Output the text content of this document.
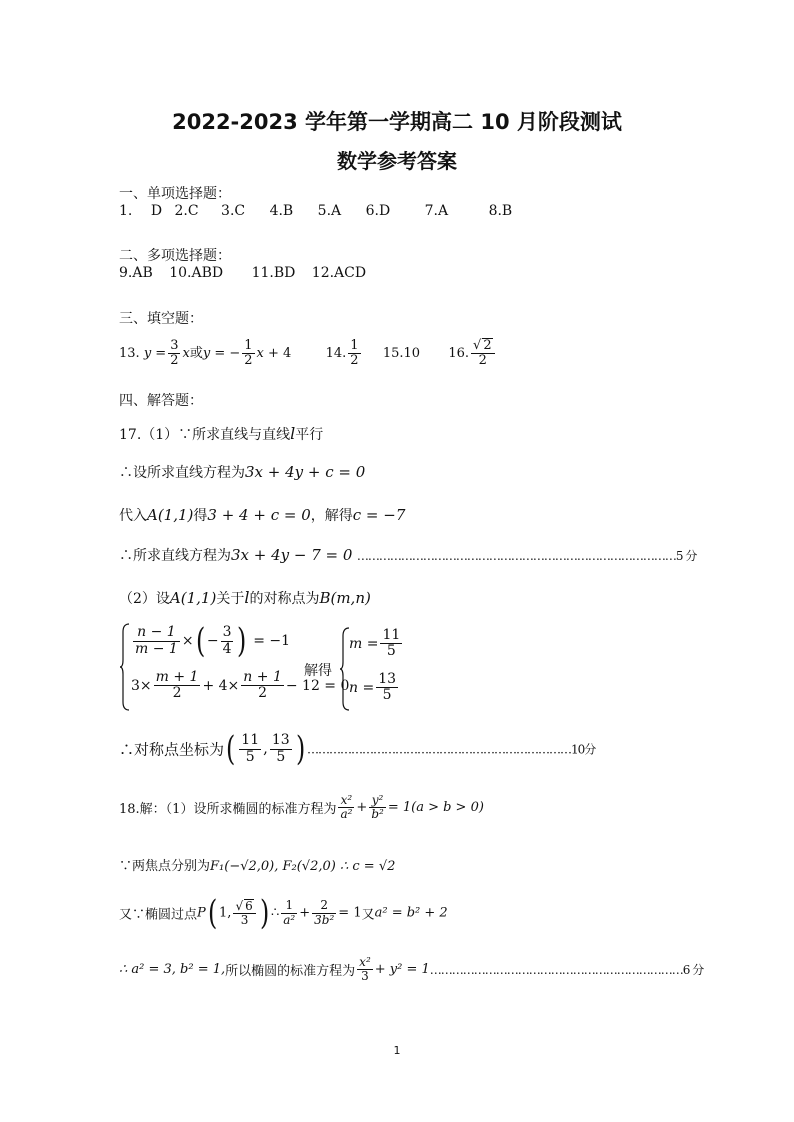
2022-2023 学年第一学期高二 10 月阶段测试
数学参考答案
一、单项选择题：
1. D 2.C 3.C 4.B 5.A 6.D 7.A	8.B
二、多项选择题：
9.AB 10.ABD 11.BD 12.ACD
三、填空题：
13. $y = \frac{3}{2}$ x或y = − $\frac{1}{2}$ x + 4	14. $\frac{1}{2} 15.10$ 16. $\frac{√ 2}{2}$
四、解答题：
17.（1）∵所求直线与直线l平行
∴设所求直线方程为3x + 4y + c = 0
代入A(1,1)得3 + 4 + c = 0，解得c = −7
∴所求直线方程为3x + 4y − 7 = 0 ……………………………………………………………………………5 分
（2）设A(1,1)关于l的对称点为B(m,n)
$\frac{n - 1}{m - 1}$ ×( − $\frac{3}{4}$ ) = −1
$3\times \frac{m + 1}{2} + 4\times \frac{n + 1}{2} - 12 = 0$
解得
$m = \frac{11}{5}$
$n = \frac{13}{5}$
∴对称点坐标为( $\frac{11}{5}$ , $\frac{13}{5}$ ) ………………………………………………………………10分
18.解：（1）设所求椭圆的标准方程为 $\frac{\text{x²}}{\text{a²}} + \frac{\text{y²}}{\text{b²}} = 1(a > b > 0)$
∵两焦点分别为F₁(−√2,0), F₂(√2,0) ∴ c = √2
又∵椭圆过点P( 1, $\frac{√ 6}{3}$ ) ∴ $\frac{1}{\text{a²}} + \frac{2}{\text{3b²}} = 1$又a² = b² + 2
∴ a² = 3, b² = 1,所以椭圆的标准方程为 $\frac{\text{x²}}{3} + y^2$ = 1……………………………………………………………6 分
1
